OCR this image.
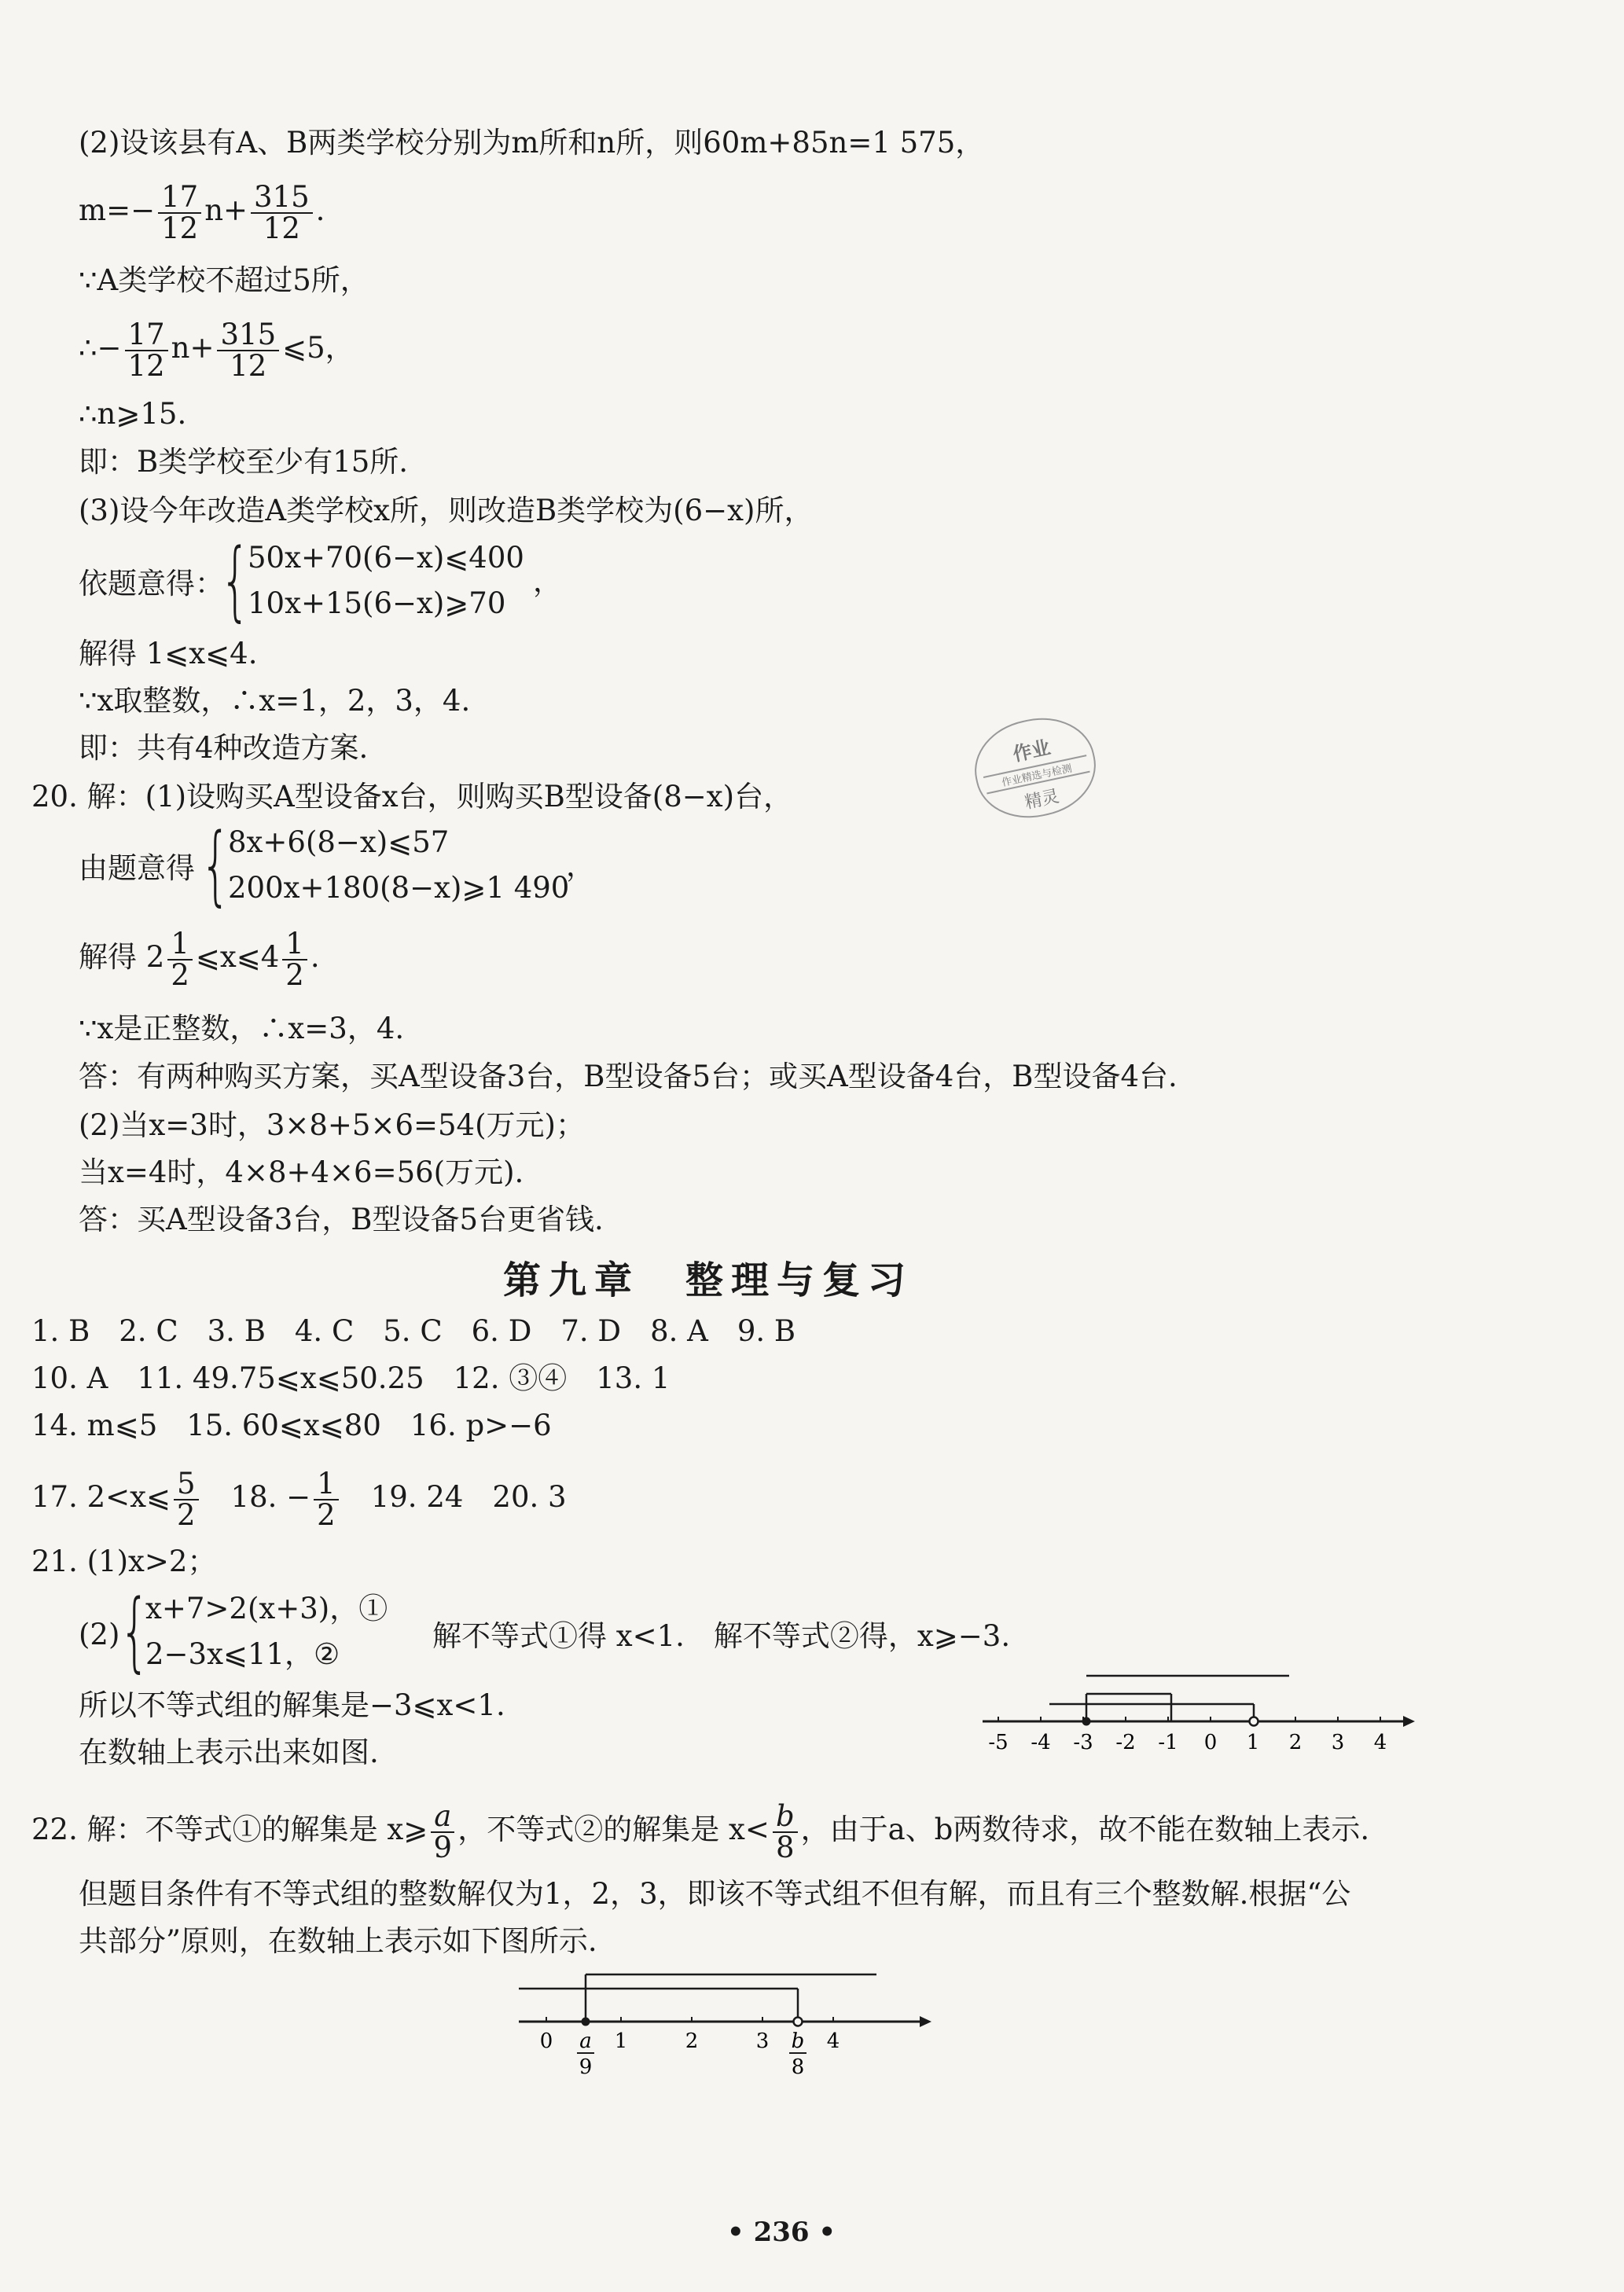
(2)设该县有A、B两类学校分别为m所和n所，则60m+85n=1 575，
$m=- \frac{17}{12} n+ \frac{315}{12}$ .
∵A类学校不超过5所，
∴− $\frac{17}{12} n+ \frac{315}{12}$ ⩽5，
∴n⩾15.
即：B类学校至少有15所.
(3)设今年改造A类学校x所，则改造B类学校为(6−x)所，
依题意得：
{
50x+70(6−x)⩽400
10x+15(6−x)⩾70
，
解得 1⩽x⩽4.
∵x取整数，∴x=1，2，3，4.
即：共有4种改造方案.	作业
作业精选与检测
精灵
20. 解：(1)设购买A型设备x台，则购买B型设备(8−x)台，
由题意得 {
8x+6(8−x)⩽57
200x+180(8−x)⩾1 490
，
解得 $2 \frac{1}{2}$ ⩽x⩽4 $\frac{1}{2}$ .
∵x是正整数，∴x=3，4.
答：有两种购买方案，买A型设备3台，B型设备5台；或买A型设备4台，B型设备4台.
(2)当x=3时，3×8+5×6=54(万元)；
当x=4时，4×8+4×6=56(万元).
答：买A型设备3台，B型设备5台更省钱.
第九章　整理与复习
1. B　2. C　3. B　4. C　5. C　6. D　7. D　8. A　9. B
10. A　11. 49.75⩽x⩽50.25　12. ③④　13. 1
14. m⩽5　15. 60⩽x⩽80　16. p>−6
17. 2<x⩽ $\frac{5}{2}$ 　18. − $\frac{1}{2}$ 　19. 24　20. 3
21. (1)x>2；
(2) {
x+7>2(x+3)，①
2−3x⩽11，②
解不等式①得 x<1.　解不等式②得，x⩾−3.
所以不等式组的解集是−3⩽x<1.
在数轴上表示出来如图.	-5 -4 -3 -2 -1 0 1 2 3 4
22. 解：不等式①的解集是 x⩾ $\frac{a}{9}$ ，不等式②的解集是 $x< \frac{b}{8}$ ，由于a、b两数待求，故不能在数轴上表示.
但题目条件有不等式组的整数解仅为1，2，3，即该不等式组不但有解，而且有三个整数解.根据“公
共部分”原则，在数轴上表示如下图所示.
0	1	2	3	4
a
9
b
8
• 236 •
